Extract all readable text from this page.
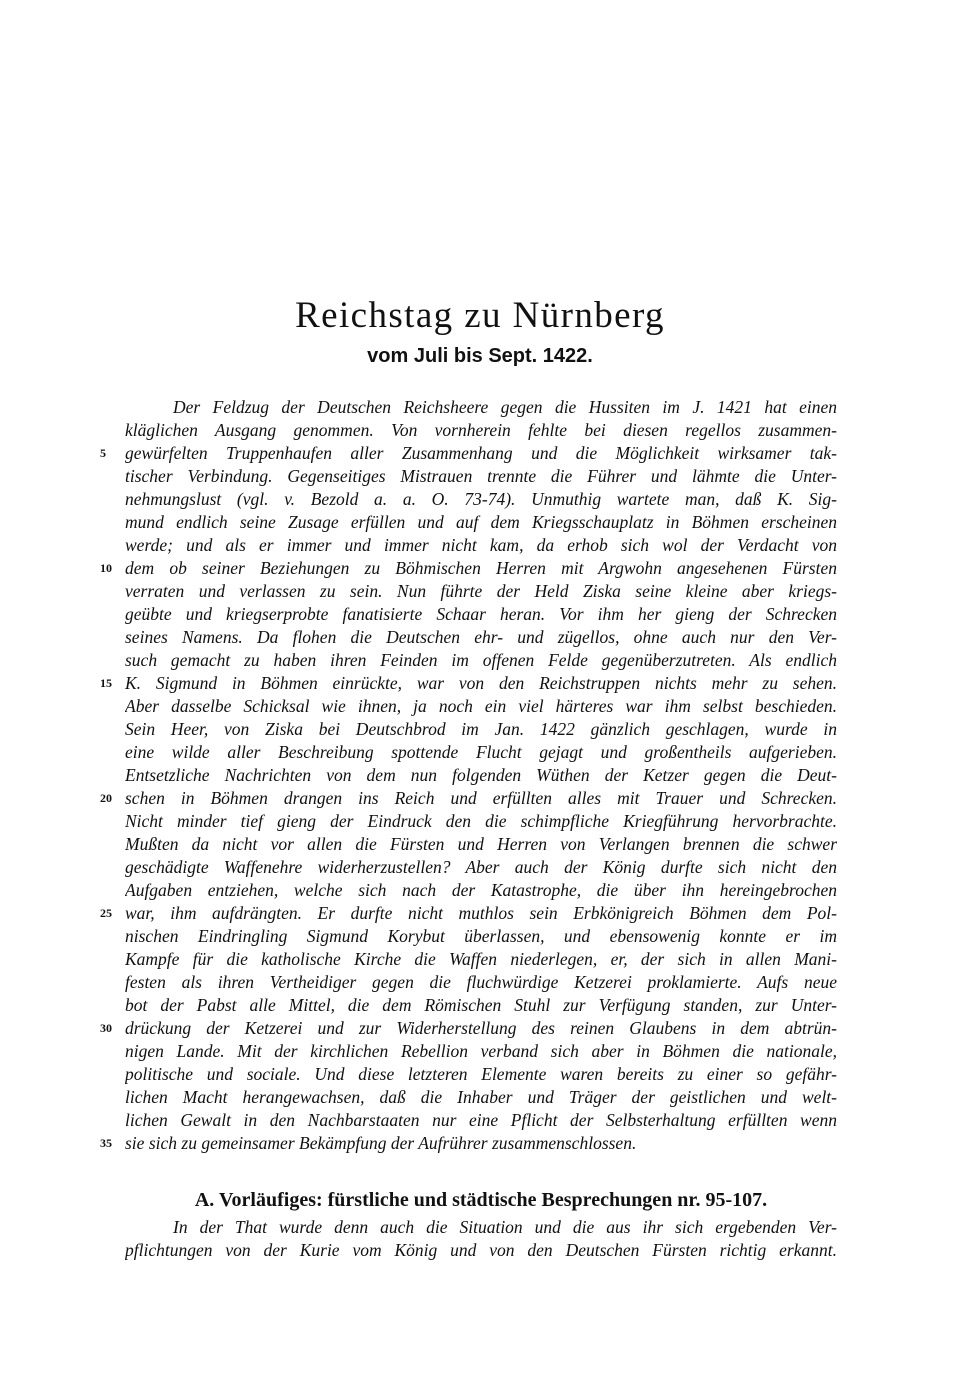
Reichstag zu Nürnberg
vom Juli bis Sept. 1422.
Der Feldzug der Deutschen Reichsheere gegen die Hussiten im J. 1421 hat einen
kläglichen Ausgang genommen. Von vornherein fehlte bei diesen regellos zusammen-
gewürfelten Truppenhaufen aller Zusammenhang und die Möglichkeit wirksamer tak-
tischer Verbindung. Gegenseitiges Mistrauen trennte die Führer und lähmte die Unter-
nehmungslust (vgl. v. Bezold a. a. O. 73-74). Unmuthig wartete man, daß K. Sig-
mund endlich seine Zusage erfüllen und auf dem Kriegsschauplatz in Böhmen erscheinen
werde; und als er immer und immer nicht kam, da erhob sich wol der Verdacht von
dem ob seiner Beziehungen zu Böhmischen Herren mit Argwohn angesehenen Fürsten
verraten und verlassen zu sein. Nun führte der Held Ziska seine kleine aber kriegs-
geübte und kriegserprobte fanatisierte Schaar heran. Vor ihm her gieng der Schrecken
seines Namens. Da flohen die Deutschen ehr- und zügellos, ohne auch nur den Ver-
such gemacht zu haben ihren Feinden im offenen Felde gegenüberzutreten. Als endlich
K. Sigmund in Böhmen einrückte, war von den Reichstruppen nichts mehr zu sehen.
Aber dasselbe Schicksal wie ihnen, ja noch ein viel härteres war ihm selbst beschieden.
Sein Heer, von Ziska bei Deutschbrod im Jan. 1422 gänzlich geschlagen, wurde in
eine wilde aller Beschreibung spottende Flucht gejagt und großentheils aufgerieben.
Entsetzliche Nachrichten von dem nun folgenden Wüthen der Ketzer gegen die Deut-
schen in Böhmen drangen ins Reich und erfüllten alles mit Trauer und Schrecken.
Nicht minder tief gieng der Eindruck den die schimpfliche Kriegführung hervorbrachte.
Mußten da nicht vor allen die Fürsten und Herren von Verlangen brennen die schwer
geschädigte Waffenehre widerherzustellen? Aber auch der König durfte sich nicht den
Aufgaben entziehen, welche sich nach der Katastrophe, die über ihn hereingebrochen
war, ihm aufdrängten. Er durfte nicht muthlos sein Erbkönigreich Böhmen dem Pol-
nischen Eindringling Sigmund Korybut überlassen, und ebensowenig konnte er im
Kampfe für die katholische Kirche die Waffen niederlegen, er, der sich in allen Mani-
festen als ihren Vertheidiger gegen die fluchwürdige Ketzerei proklamierte. Aufs neue
bot der Pabst alle Mittel, die dem Römischen Stuhl zur Verfügung standen, zur Unter-
drückung der Ketzerei und zur Widerherstellung des reinen Glaubens in dem abtrün-
nigen Lande. Mit der kirchlichen Rebellion verband sich aber in Böhmen die nationale,
politische und sociale. Und diese letzteren Elemente waren bereits zu einer so gefähr-
lichen Macht herangewachsen, daß die Inhaber und Träger der geistlichen und welt-
lichen Gewalt in den Nachbarstaaten nur eine Pflicht der Selbsterhaltung erfüllten wenn
sie sich zu gemeinsamer Bekämpfung der Aufrührer zusammenschlossen.
5
10
15
20
25
30
35
A. Vorläufiges: fürstliche und städtische Besprechungen nr. 95-107.
In der That wurde denn auch die Situation und die aus ihr sich ergebenden Ver-
pflichtungen von der Kurie vom König und von den Deutschen Fürsten richtig erkannt.
